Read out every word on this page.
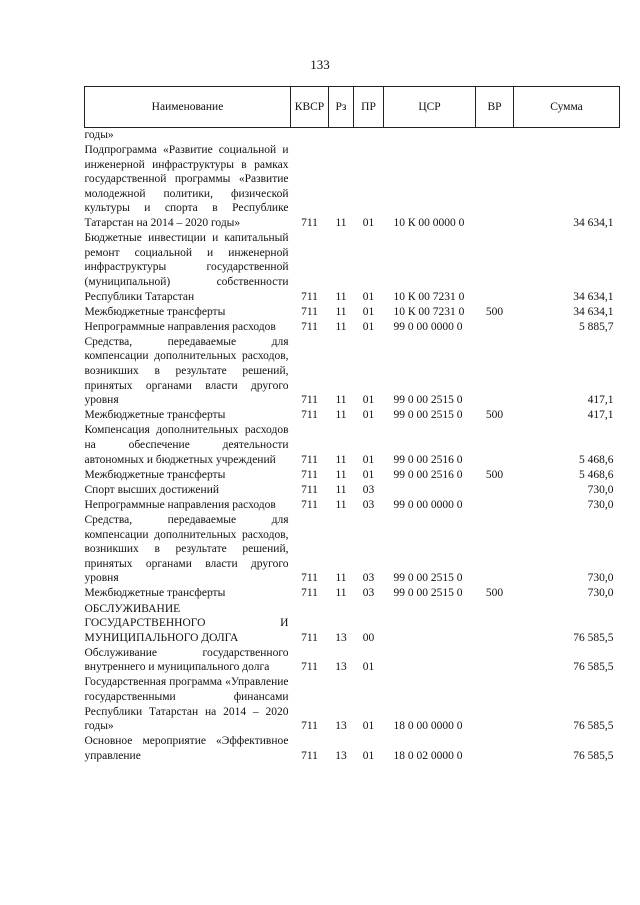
133
Наименование	КВСР	Рз	ПР	ЦСР	ВР	Сумма
годы»						
Подпрограмма «Развитие социальной и инженерной инфраструктуры в рамках государственной программы «Развитие молодежной политики, физической культуры и спорта в Республике Татарстан на 2014 – 2020 годы»	711	11	01	10 К 00 0000 0		34 634,1
Бюджетные инвестиции и капитальный ремонт социальной и инженерной инфраструктуры государственной (муниципальной) собственности Республики Татарстан	711	11	01	10 К 00 7231 0		34 634,1
Межбюджетные трансферты	711	11	01	10 К 00 7231 0	500	34 634,1
Непрограммные направления расходов	711	11	01	99 0 00 0000 0		5 885,7
Средства, передаваемые для компенсации дополнительных расходов, возникших в результате решений, принятых органами власти другого уровня	711	11	01	99 0 00 2515 0		417,1
Межбюджетные трансферты	711	11	01	99 0 00 2515 0	500	417,1
Компенсация дополнительных расходов на обеспечение деятельности автономных и бюджетных учреждений	711	11	01	99 0 00 2516 0		5 468,6
Межбюджетные трансферты	711	11	01	99 0 00 2516 0	500	5 468,6
Спорт высших достижений	711	11	03			730,0
Непрограммные направления расходов	711	11	03	99 0 00 0000 0		730,0
Средства, передаваемые для компенсации дополнительных расходов, возникших в результате решений, принятых органами власти другого уровня	711	11	03	99 0 00 2515 0		730,0
Межбюджетные трансферты	711	11	03	99 0 00 2515 0	500	730,0
ОБСЛУЖИВАНИЕ ГОСУДАРСТВЕННОГО И МУНИЦИПАЛЬНОГО ДОЛГА	711	13	00			76 585,5
Обслуживание государственного внутреннего и муниципального долга	711	13	01			76 585,5
Государственная программа «Управление государственными финансами Республики Татарстан на 2014 – 2020 годы»	711	13	01	18 0 00 0000 0		76 585,5
Основное мероприятие «Эффективное управление	711	13	01	18 0 02 0000 0		76 585,5
